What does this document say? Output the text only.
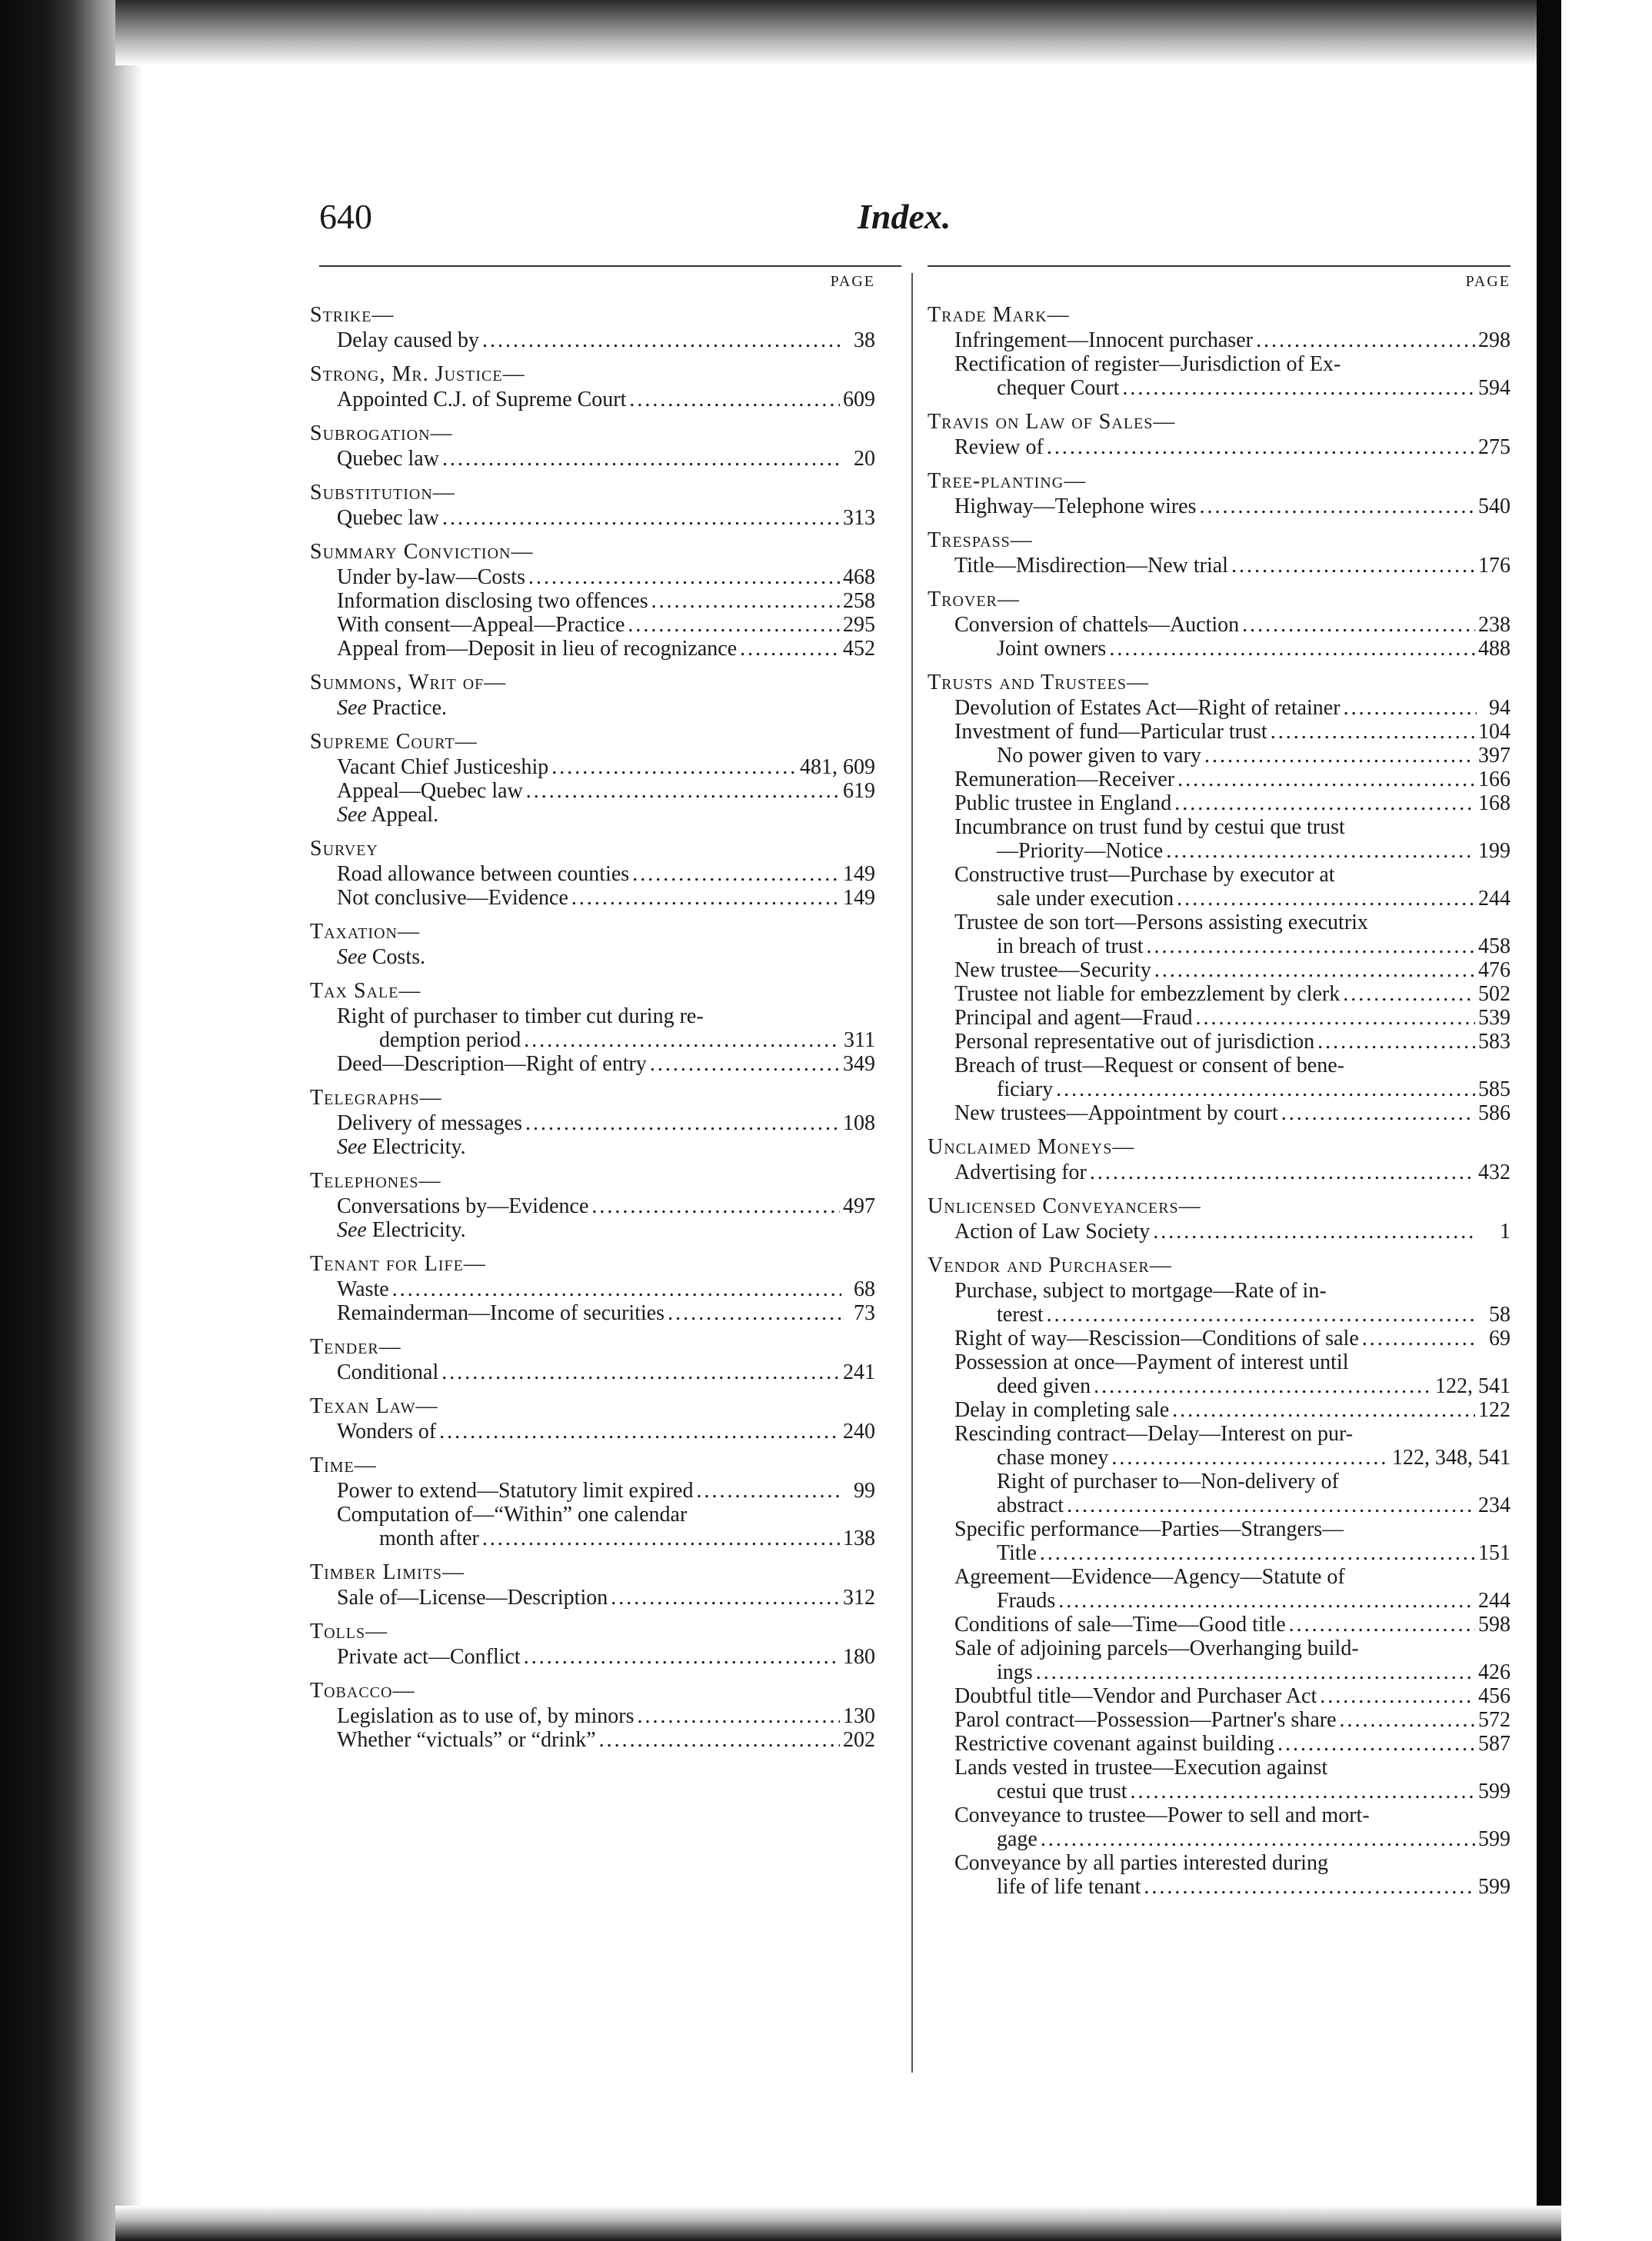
640	Index.
PAGE
Strike—
Delay caused by . . .	38
Strong, Mr. Justice—
Appointed C.J. of Supreme Court . . .	609
Subrogation—
Quebec law . . .	20
Substitution—
Quebec law . . .	313
Summary Conviction—
Under by-law—Costs . . .	468
Information disclosing two offences . . .	258
With consent—Appeal—Practice . . .	295
Appeal from—Deposit in lieu of recognizance . . .	452
Summons, Writ of—
See Practice.
Supreme Court—
Vacant Chief Justiceship . . .	481, 609
Appeal—Quebec law . . .	619
See Appeal.
Survey
Road allowance between counties . . .	149
Not conclusive—Evidence . . .	149
Taxation—
See Costs.
Tax Sale—
Right of purchaser to timber cut during re-
demption period . . .	311
Deed—Description—Right of entry . . .	349
Telegraphs—
Delivery of messages . . .	108
See Electricity.
Telephones—
Conversations by—Evidence . . .	497
See Electricity.
Tenant for Life—
Waste . . .	68
Remainderman—Income of securities . . .	73
Tender—
Conditional . . .	241
Texan Law—
Wonders of . . .	240
Time—
Power to extend—Statutory limit expired . . .	99
Computation of—“Within” one calendar
month after . . .	138
Timber Limits—
Sale of—License—Description . . .	312
Tolls—
Private act—Conflict . . .	180
Tobacco—
Legislation as to use of, by minors . . .	130
Whether “victuals” or “drink” . . .	202
PAGE
Trade Mark—
Infringement—Innocent purchaser . . .	298
Rectification of register—Jurisdiction of Ex-
chequer Court . . .	594
Travis on Law of Sales—
Review of . . .	275
Tree-planting—
Highway—Telephone wires . . .	540
Trespass—
Title—Misdirection—New trial . . .	176
Trover—
Conversion of chattels—Auction . . .	238
Joint owners . . .	488
Trusts and Trustees—
Devolution of Estates Act—Right of retainer . . .	94
Investment of fund—Particular trust . . .	104
No power given to vary . . .	397
Remuneration—Receiver . . .	166
Public trustee in England . . .	168
Incumbrance on trust fund by cestui que trust
—Priority—Notice . . .	199
Constructive trust—Purchase by executor at
sale under execution . . .	244
Trustee de son tort—Persons assisting executrix
in breach of trust . . .	458
New trustee—Security . . .	476
Trustee not liable for embezzlement by clerk . . .	502
Principal and agent—Fraud . . .	539
Personal representative out of jurisdiction . . .	583
Breach of trust—Request or consent of bene-
ficiary . . .	585
New trustees—Appointment by court . . .	586
Unclaimed Moneys—
Advertising for . . .	432
Unlicensed Conveyancers—
Action of Law Society . . .	1
Vendor and Purchaser—
Purchase, subject to mortgage—Rate of in-
terest . . .	58
Right of way—Rescission—Conditions of sale . . .	69
Possession at once—Payment of interest until
deed given . . .	122, 541
Delay in completing sale . . .	122
Rescinding contract—Delay—Interest on pur-
chase money . . .	122, 348, 541
Right of purchaser to—Non-delivery of
abstract . . .	234
Specific performance—Parties—Strangers—
Title . . .	151
Agreement—Evidence—Agency—Statute of
Frauds . . .	244
Conditions of sale—Time—Good title . . .	598
Sale of adjoining parcels—Overhanging build-
ings . . .	426
Doubtful title—Vendor and Purchaser Act . . .	456
Parol contract—Possession—Partner's share . . .	572
Restrictive covenant against building . . .	587
Lands vested in trustee—Execution against
cestui que trust . . .	599
Conveyance to trustee—Power to sell and mort-
gage . . .	599
Conveyance by all parties interested during
life of life tenant . . .	599
